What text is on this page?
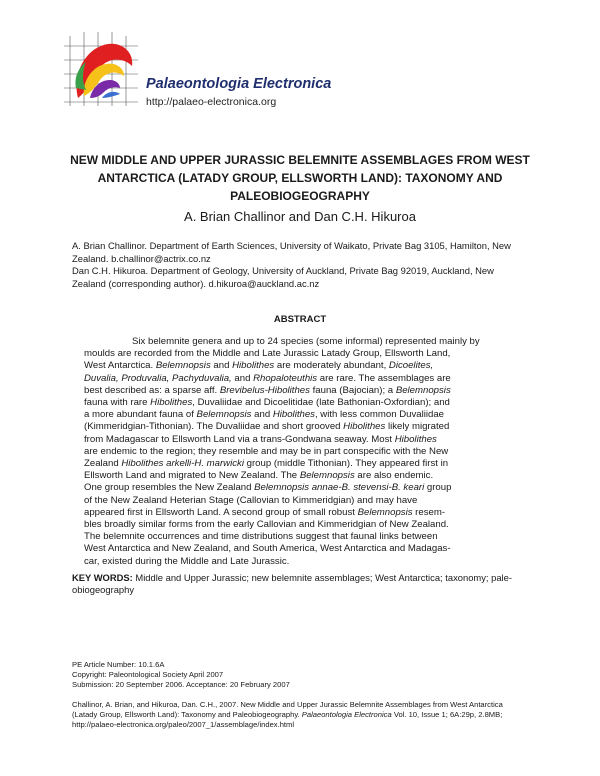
Palaeontologia Electronica
http://palaeo-electronica.org
NEW MIDDLE AND UPPER JURASSIC BELEMNITE ASSEMBLAGES FROM WEST
ANTARCTICA (LATADY GROUP, ELLSWORTH LAND): TAXONOMY AND
PALEOBIOGEOGRAPHY
A. Brian Challinor and Dan C.H. Hikuroa
A. Brian Challinor. Department of Earth Sciences, University of Waikato, Private Bag 3105, Hamilton, New
Zealand. b.challinor@actrix.co.nz
Dan C.H. Hikuroa. Department of Geology, University of Auckland, Private Bag 92019, Auckland, New
Zealand (corresponding author). d.hikuroa@auckland.ac.nz
ABSTRACT
Six belemnite genera and up to 24 species (some informal) represented mainly by
moulds are recorded from the Middle and Late Jurassic Latady Group, Ellsworth Land,
West Antarctica. Belemnopsis and Hibolithes are moderately abundant, Dicoelites,
Duvalia, Produvalia, Pachyduvalia, and Rhopaloteuthis are rare. The assemblages are
best described as: a sparse aff. Brevibelus-Hibolithes fauna (Bajocian); a Belemnopsis
fauna with rare Hibolithes, Duvaliidae and Dicoelitidae (late Bathonian-Oxfordian); and
a more abundant fauna of Belemnopsis and Hibolithes, with less common Duvaliidae
(Kimmeridgian-Tithonian). The Duvaliidae and short grooved Hibolithes likely migrated
from Madagascar to Ellsworth Land via a trans-Gondwana seaway. Most Hibolithes
are endemic to the region; they resemble and may be in part conspecific with the New
Zealand Hibolithes arkelli-H. marwicki group (middle Tithonian). They appeared first in
Ellsworth Land and migrated to New Zealand. The Belemnopsis are also endemic.
One group resembles the New Zealand Belemnopsis annae-B. stevensi-B. keari group
of the New Zealand Heterian Stage (Callovian to Kimmeridgian) and may have
appeared first in Ellsworth Land. A second group of small robust Belemnopsis resem-
bles broadly similar forms from the early Callovian and Kimmeridgian of New Zealand.
The belemnite occurrences and time distributions suggest that faunal links between
West Antarctica and New Zealand, and South America, West Antarctica and Madagas-
car, existed during the Middle and Late Jurassic.
KEY WORDS: Middle and Upper Jurassic; new belemnite assemblages; West Antarctica; taxonomy; pale-
obiogeography
PE Article Number: 10.1.6A
Copyright: Paleontological Society April 2007
Submission: 20 September 2006. Acceptance: 20 February 2007
Challinor, A. Brian, and Hikuroa, Dan. C.H., 2007. New Middle and Upper Jurassic Belemnite Assemblages from West Antarctica
(Latady Group, Ellsworth Land): Taxonomy and Paleobiogeography. Palaeontologia Electronica Vol. 10, Issue 1; 6A:29p, 2.8MB;
http://palaeo-electronica.org/paleo/2007_1/assemblage/index.html
